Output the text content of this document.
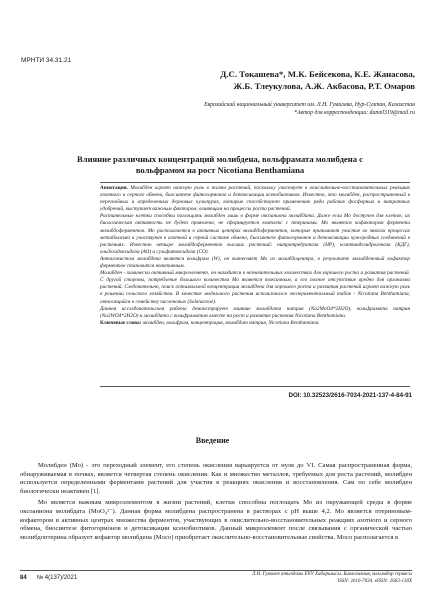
МРНТИ 34.31.21
Д.С. Токашева*, М.К. Бейсекова, К.Е. Жанасова,
Ж.Б. Тлеукулова, А.Ж. Акбасова, Р.Т. Омаров
Евразийский национальный университет им. Л.Н. Гумилева, Нур-Султан, Казахстан
*Автор для корреспонденции: dana0319@mail.ru
Влияние различных концентраций молибдена, вольфрамата молибдена с
вольфрамом на рост Nicotiana Benthamiana

Аннотация. Молибден играет важную роль в жизни растений, поскольку участвует в окислительно-восстановительных реакциях азотного и серного обмена, биосинтезе фитогормонов и детоксикации ксенобиотиков. Известно, что молибден, распространенный в перегнойных и определенных дерновых культурах, которые способствуют применению ряда рабочих фосфорных и нитратных удобрений, выступает важным фактором, влияющим на процессы роста растений.

Растительные клетки способны поглощать молибден лишь в форме оксоаниона молибдата. Даже если Мо доступен для клеток, их биологическая активность не будет проявлена, не сформируется комплекс с птеринами. Мо является кофактором фермента молибдоферментов. Мо располагается в активных центрах молибдоферментов, которые принимают участие во многих процессах метаболизма и участвуют в азотной и серной системе обмена, биосинтезе фитогормонов и детоксикации чужеродных соединений в растениях. Известно четыре молибдоферментов высших растений: нитратредуктаза (НР), ксантиндегидрогеназа (КДГ), альдегидоксидаза (АО) и сульфитоксидаза (СО).

Антагонистом молибдена является вольфрам (W), он вытесняет Мо из молибдоцентра, в результате молибденовый кофактор ферментов становится неактивным.

Молибден - химически активный микроэлемент, он находится в незначительных количествах для хорошего роста и развития растений. С другой стороны, потребление большого количества Мо является токсичным, а его полное отсутствие вредно для организма растений. Следовательно, поиск оптимальной концентрации молибдена для хорошего роста и развития растений играет важную роль в решении сельского хозяйства. В качестве модельного растения использовался экспериментальный табак - Nicotiana Benthamiana, относящийся к семейству пасленовых (Solanaceae).

Данная исследовательская работа демонстрирует влияние молибдата натрия (Na2MoO4*2H2O), вольфрамата натрия (Na2WO4*2H2O) и молибдата с вольфраматом вместе на рост и развитие растения Nicotiana Benthamiana.

Ключевые слова: молибден, вольфрам, концентрация, молибдат натрия, Nicotiana Benthamiana.

DOI: 10.32523/2616-7034-2021-137-4-84-91
Введение

Молибден (Мо) - это переходный элемент, его степень окисления варьируется от нуля до VI. Самая распространенная форма, обнаруживаемая в почвах, является четвертая степень окисления. Как и множество металлов, требуемых для роста растений, молибден используется определенными ферментами растений для участия в реакциях окисления и восстановления. Сам по себе молибден биологически неактивен [1].

Мо является важным микроэлементом в жизни растений, клетки способны поглощать Мо из окружающей среды в форме оксоаниона молибдата (MoO₄²⁻). Данная форма молибдена распространена в растворах с pH выше 4,2. Мо является птериновым-кофактором в активных центрах множества ферментов, участвующих в окислительно-восстановительных реакциях азотного и серного обмена, биосинтезе фитогормонов и детоксикации ксенобиотиков. Данный микроэлемент после связывания с органической частью молибдоптерина образует кофактор молибдена (Moco) приобретает окислительно-восстановительные свойства. Мосо располагается в

84 № 4(137)/2021
Л.Н. Гумилев атындағы ЕҰУ Хабаршысы. Биологиялық ғылымдар сериясы
ISSN: 2616-7034. eISSN: 2663-130X
